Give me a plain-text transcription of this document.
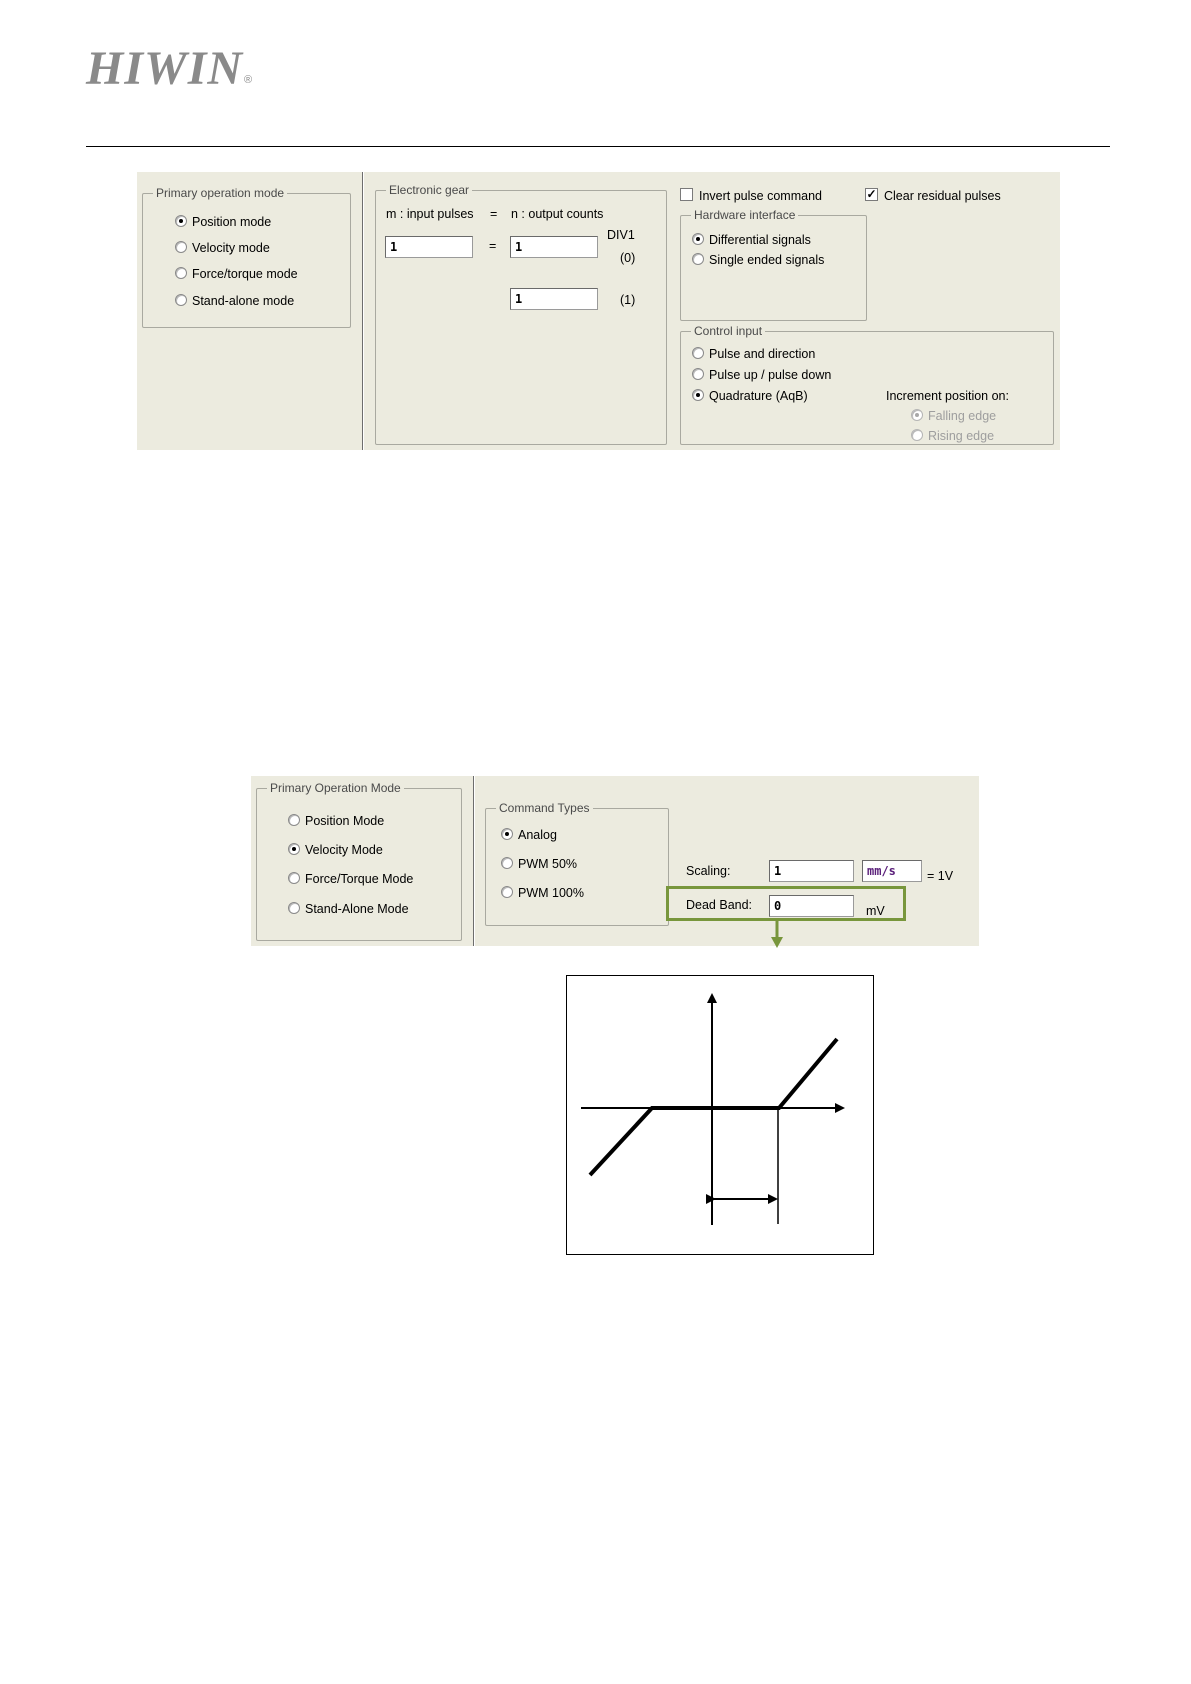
HIWIN ®
Primary operation mode
Position mode
Velocity mode
Force/torque mode
Stand-alone mode
Electronic gear
m : input pulses = n : output counts
DIV1
1	=	1
(0)
1	(1)
Invert pulse command	✓ Clear residual pulses
Hardware interface
Differential signals
Single ended signals
Control input
Pulse and direction
Pulse up / pulse down
Quadrature (AqB)	Increment position on:
Falling edge
Rising edge
Primary Operation Mode
Position Mode
Velocity Mode
Force/Torque Mode
Stand-Alone Mode
Command Types
Analog
PWM 50%
PWM 100%
Scaling:	1	mm/s	= 1V
Dead Band:	0	mV
